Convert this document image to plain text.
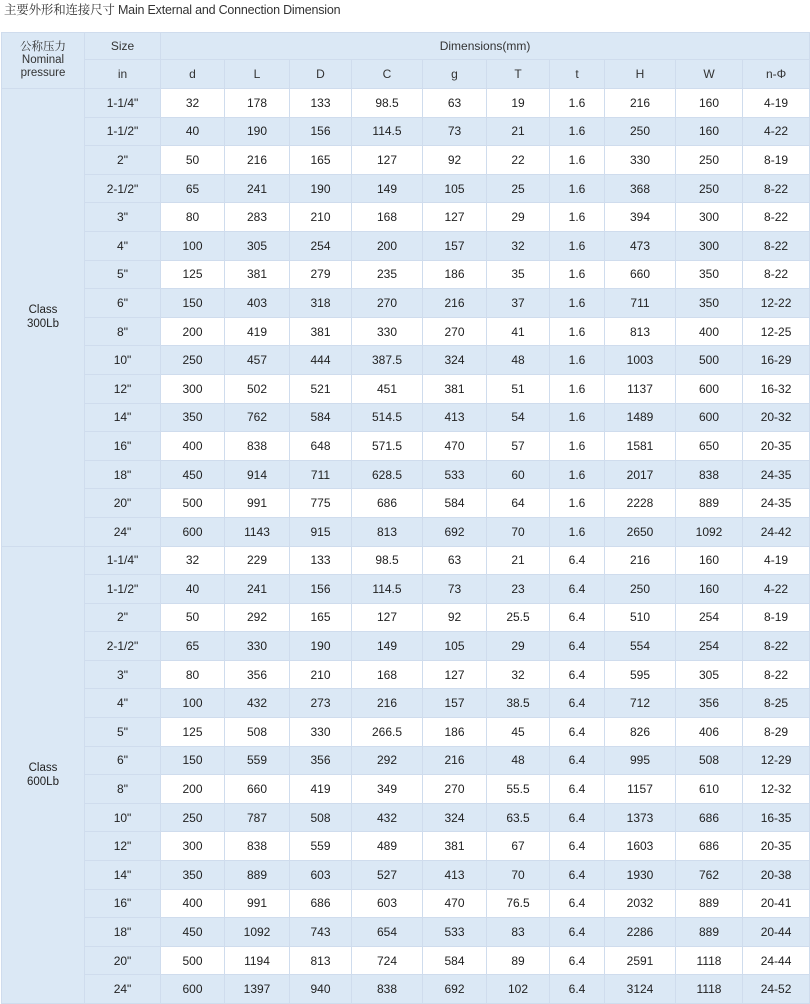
主要外形和连接尺寸 Main External and Connection Dimension
公称压力
Nominal pressure	Size	Dimensions(mm)									
	in	d	L	D	C	g	T	t	H	W	n-Φ
Class
300Lb	1-1/4"	32	178	133	98.5	63	19	1.6	216	160	4-19
	1-1/2"	40	190	156	114.5	73	21	1.6	250	160	4-22
	2"	50	216	165	127	92	22	1.6	330	250	8-19
	2-1/2"	65	241	190	149	105	25	1.6	368	250	8-22
	3"	80	283	210	168	127	29	1.6	394	300	8-22
	4"	100	305	254	200	157	32	1.6	473	300	8-22
	5"	125	381	279	235	186	35	1.6	660	350	8-22
	6"	150	403	318	270	216	37	1.6	711	350	12-22
	8"	200	419	381	330	270	41	1.6	813	400	12-25
	10"	250	457	444	387.5	324	48	1.6	1003	500	16-29
	12"	300	502	521	451	381	51	1.6	1137	600	16-32
	14"	350	762	584	514.5	413	54	1.6	1489	600	20-32
	16"	400	838	648	571.5	470	57	1.6	1581	650	20-35
	18"	450	914	711	628.5	533	60	1.6	2017	838	24-35
	20"	500	991	775	686	584	64	1.6	2228	889	24-35
	24"	600	1143	915	813	692	70	1.6	2650	1092	24-42
Class
600Lb	1-1/4"	32	229	133	98.5	63	21	6.4	216	160	4-19
	1-1/2"	40	241	156	114.5	73	23	6.4	250	160	4-22
	2"	50	292	165	127	92	25.5	6.4	510	254	8-19
	2-1/2"	65	330	190	149	105	29	6.4	554	254	8-22
	3"	80	356	210	168	127	32	6.4	595	305	8-22
	4"	100	432	273	216	157	38.5	6.4	712	356	8-25
	5"	125	508	330	266.5	186	45	6.4	826	406	8-29
	6"	150	559	356	292	216	48	6.4	995	508	12-29
	8"	200	660	419	349	270	55.5	6.4	1157	610	12-32
	10"	250	787	508	432	324	63.5	6.4	1373	686	16-35
	12"	300	838	559	489	381	67	6.4	1603	686	20-35
	14"	350	889	603	527	413	70	6.4	1930	762	20-38
	16"	400	991	686	603	470	76.5	6.4	2032	889	20-41
	18"	450	1092	743	654	533	83	6.4	2286	889	20-44
	20"	500	1194	813	724	584	89	6.4	2591	1118	24-44
	24"	600	1397	940	838	692	102	6.4	3124	1118	24-52
